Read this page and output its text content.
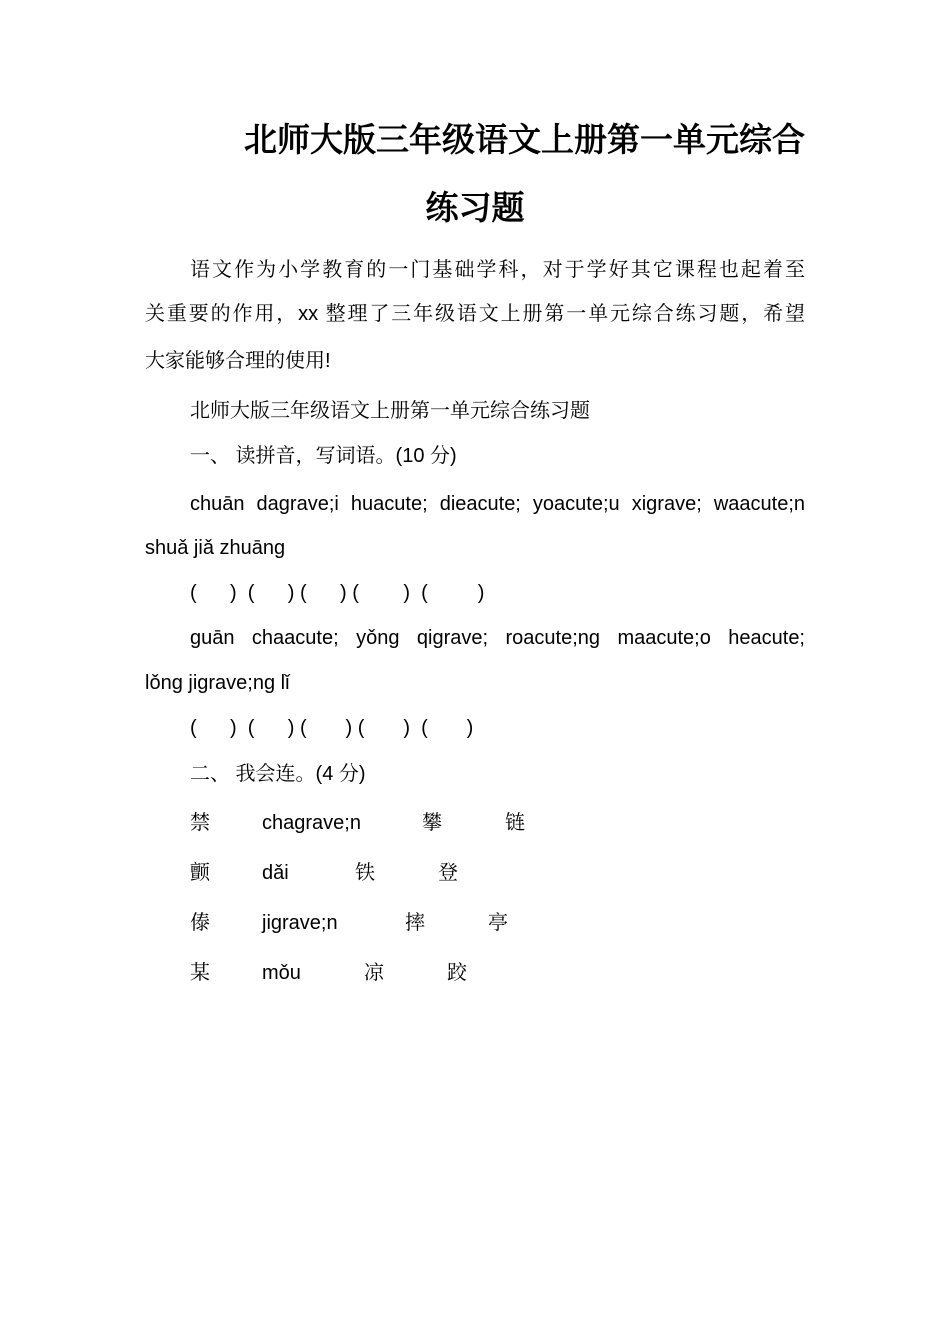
北师大版三年级语文上册第一单元综合
练习题
语文作为小学教育的一门基础学科，对于学好其它课程也起着至
关重要的作用，xx 整理了三年级语文上册第一单元综合练习题，希望
大家能够合理的使用!
北师大版三年级语文上册第一单元综合练习题
一、 读拼音，写词语。(10 分)
chuān dagrave;i huacute; dieacute; yoacute;u xigrave; waacute;n
shuǎ jiǎ zhuāng
(      )  (      ) (      ) (        )  (         )
guān chaacute; yǒng qigrave; roacute;ng maacute;o heacute;
lǒng jigrave;ng lǐ
(      )  (      ) (       ) (       )  (       )
二、 我会连。(4 分)
禁	chagrave;n	攀	链
颤	dǎi	铁	登
傣	jigrave;n	摔	亭
某	mǒu	凉	跤
